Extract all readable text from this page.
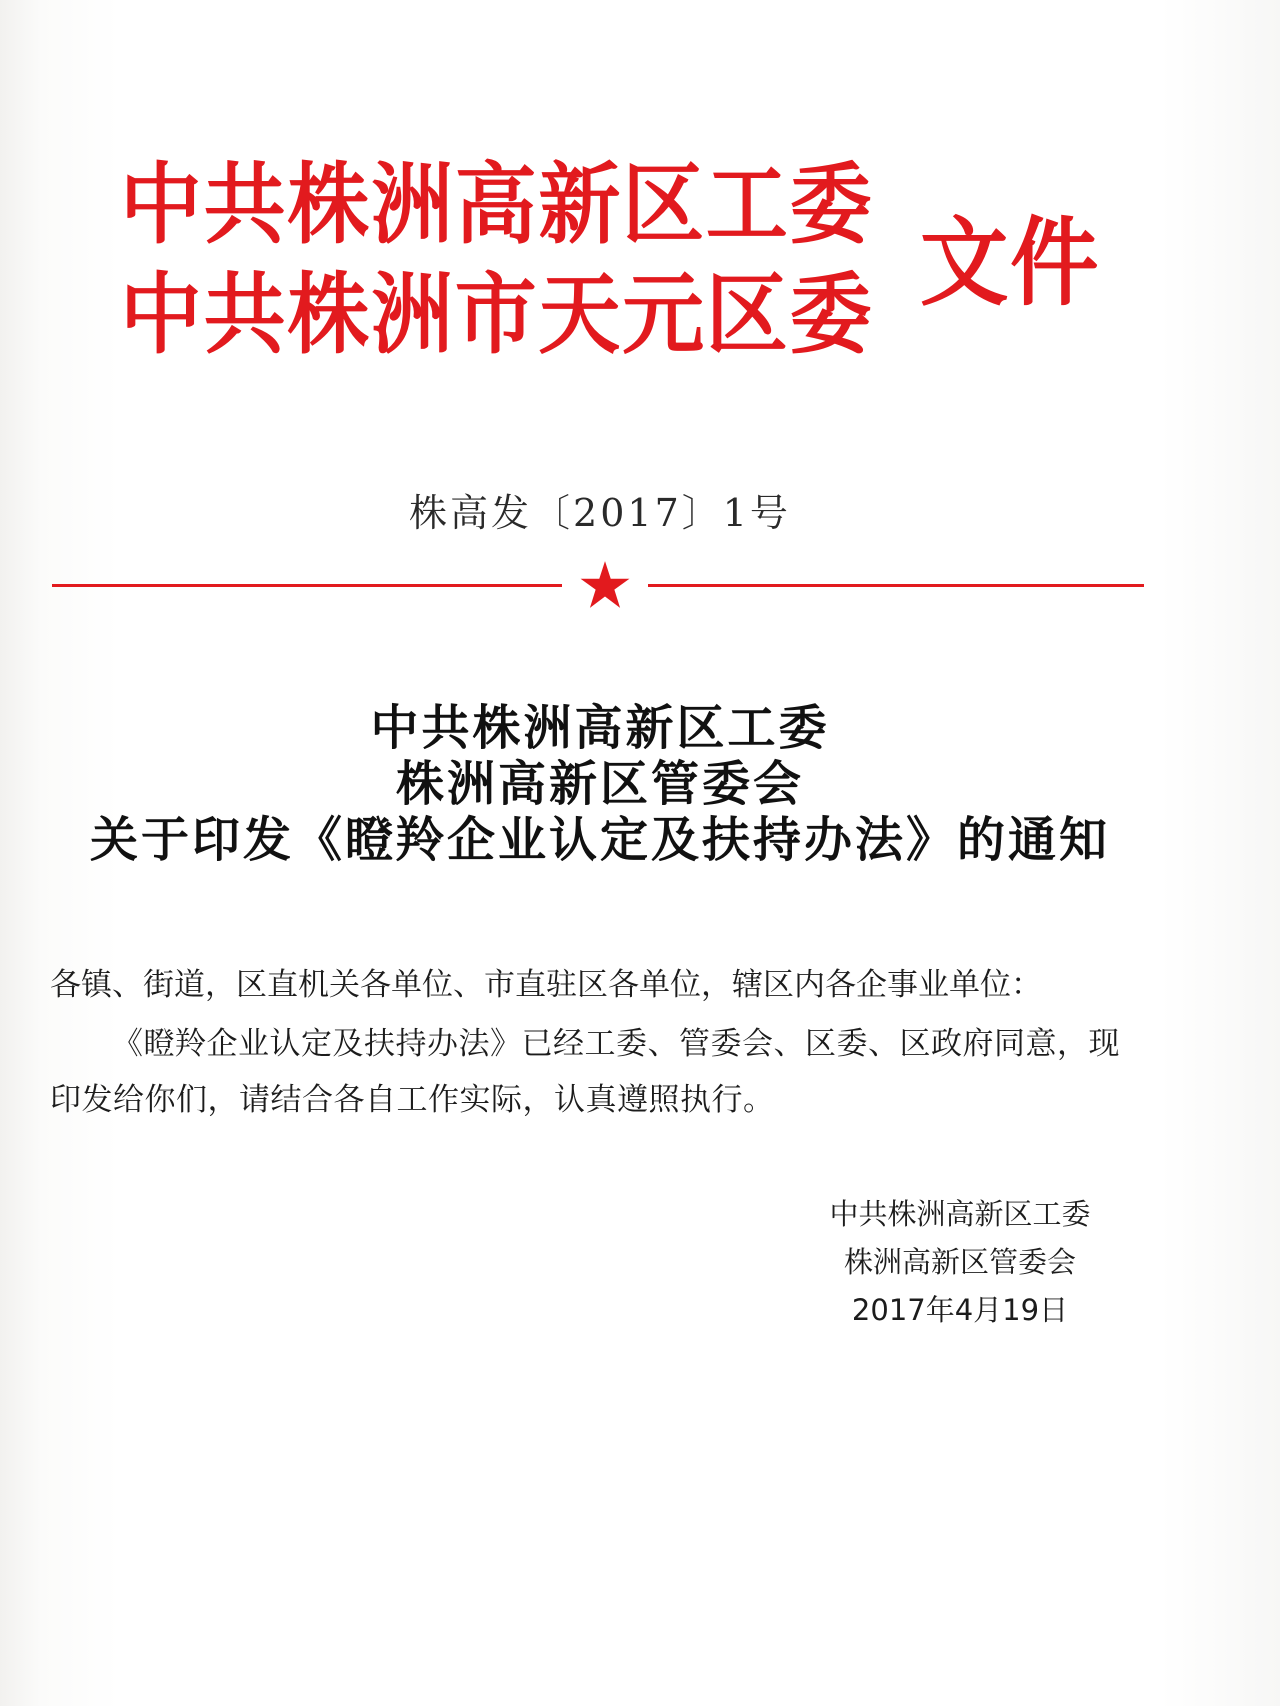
中共株洲高新区工委
中共株洲市天元区委 文件
株高发〔2017〕1号
中共株洲高新区工委
株洲高新区管委会
关于印发《瞪羚企业认定及扶持办法》的通知
各镇、街道，区直机关各单位、市直驻区各单位，辖区内各企事业单位：
《瞪羚企业认定及扶持办法》已经工委、管委会、区委、区政府同意，现印发给你们，请结合各自工作实际，认真遵照执行。
中共株洲高新区工委
株洲高新区管委会
2017年4月19日
